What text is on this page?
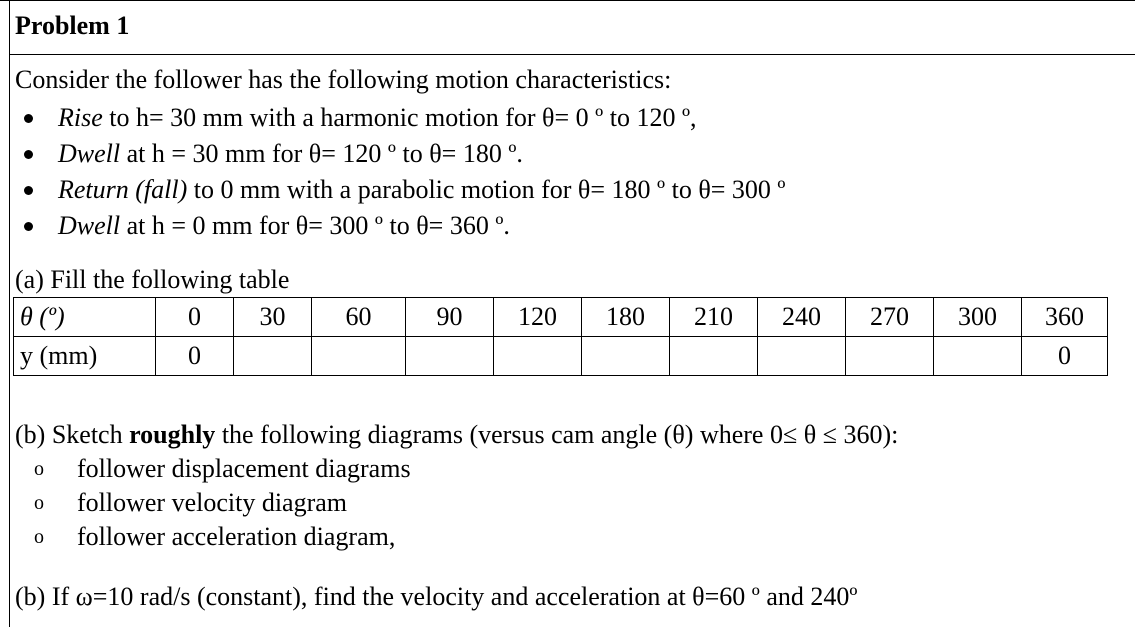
Problem 1
Consider the follower has the following motion characteristics:
Rise to h= 30 mm with a harmonic motion for θ= 0 º to 120 º,
Dwell at h = 30 mm for θ= 120 º to θ= 180 º.
Return (fall) to 0 mm with a parabolic motion for θ= 180 º to θ= 300 º
Dwell at h = 0 mm for θ= 300 º to θ= 360 º.
(a) Fill the following table
θ (º)	0	30	60	90	120	180	210	240	270	300	360
y (mm)	0										0
(b) Sketch roughly the following diagrams (versus cam angle (θ) where 0≤ θ ≤ 360):
o follower displacement diagrams
o follower velocity diagram
o follower acceleration diagram,
(b) If ω=10 rad/s (constant), find the velocity and acceleration at θ=60 º and 240º
